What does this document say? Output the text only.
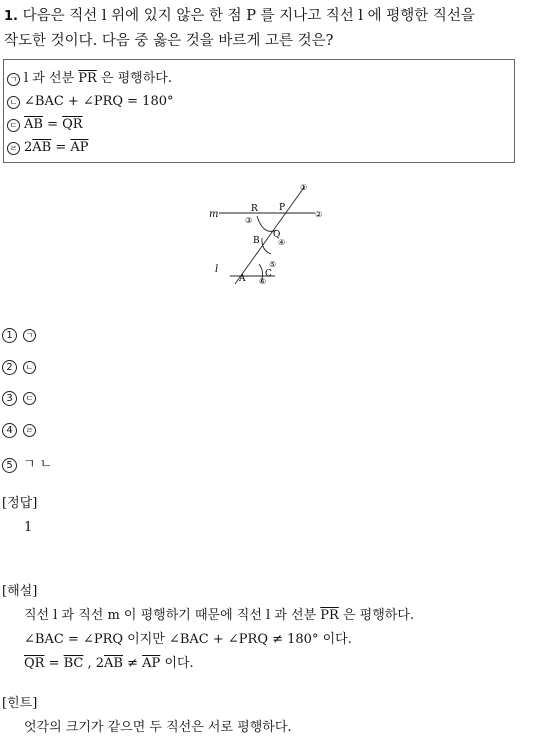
1. 다음은 직선 l 위에 있지 않은 한 점 P 를 지나고 직선 l 에 평행한 직선을
작도한 것이다. 다음 중 옳은 것을 바르게 고른 것은?
ㄱ l 과 선분 $\overline{PR}$ 은 평행하다.
ㄴ ∠BAC + ∠PRQ = 180°
ㄷ $\overline{AB} = \overline{QR}$
ㄹ $2\overline{AB} = \overline{AP}$
m
l
P
R
Q
B
A C
①
②
③
④
⑤
⑥
1 ㄱ
2 ㄴ
3 ㄷ
4 ㄹ
5 ㄱ ㄴ
[정답]
1
[해설]
직선 l 과 직선 m 이 평행하기 때문에 직선 l 과 선분 $\overline{PR}$ 은 평행하다.
∠BAC = ∠PRQ 이지만 ∠BAC + ∠PRQ ≠ 180° 이다.
$\overline{QR} = \overline{BC}$ , $2\overline{AB} \ne \overline{AP}$ 이다.
[힌트]
엇각의 크기가 같으면 두 직선은 서로 평행하다.
